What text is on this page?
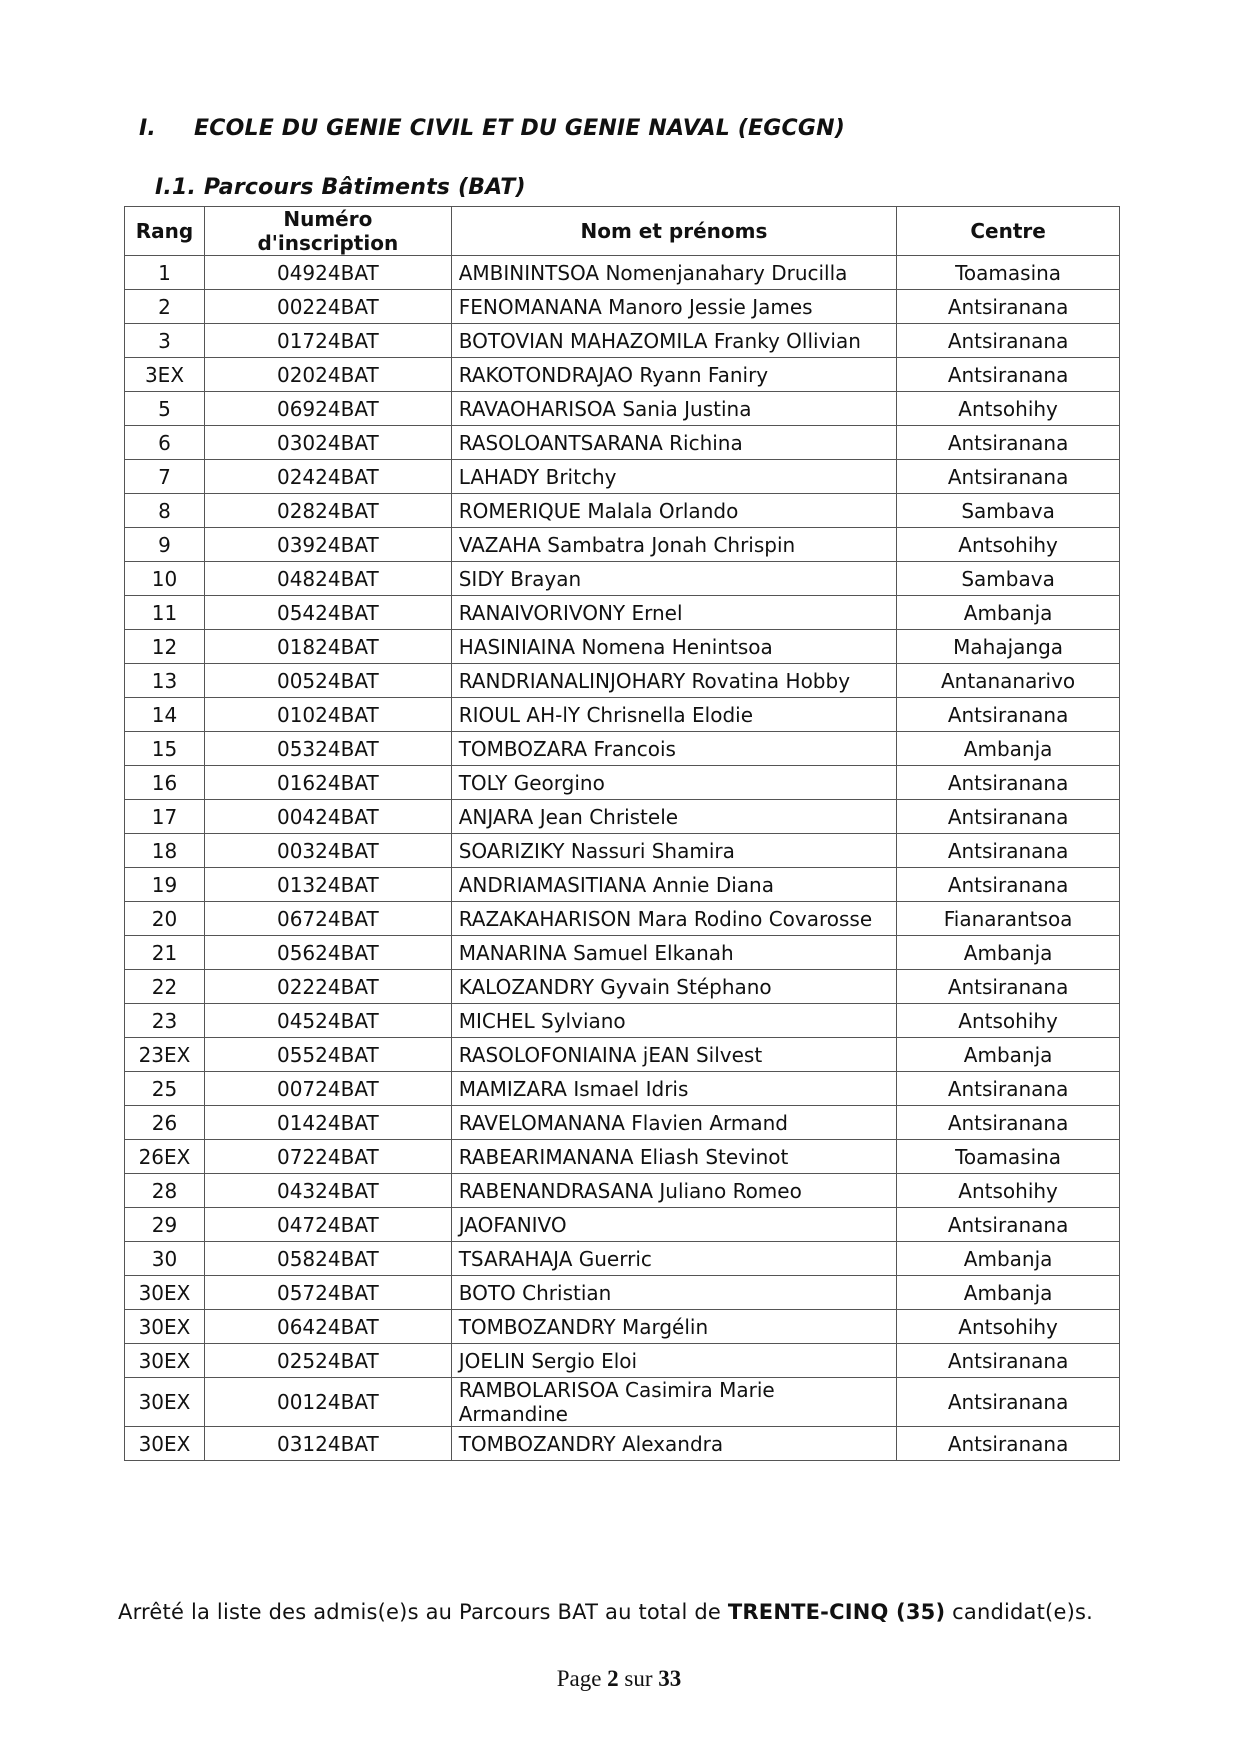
I. ECOLE DU GENIE CIVIL ET DU GENIE NAVAL (EGCGN)
I.1. Parcours Bâtiments (BAT)
Rang	Numéro d'inscription	Nom et prénoms	Centre
1	04924BAT	AMBININTSOA Nomenjanahary Drucilla	Toamasina
2	00224BAT	FENOMANANA Manoro Jessie James	Antsiranana
3	01724BAT	BOTOVIAN MAHAZOMILA Franky Ollivian	Antsiranana
3EX	02024BAT	RAKOTONDRAJAO Ryann Faniry	Antsiranana
5	06924BAT	RAVAOHARISOA Sania Justina	Antsohihy
6	03024BAT	RASOLOANTSARANA Richina	Antsiranana
7	02424BAT	LAHADY Britchy	Antsiranana
8	02824BAT	ROMERIQUE Malala Orlando	Sambava
9	03924BAT	VAZAHA Sambatra Jonah Chrispin	Antsohihy
10	04824BAT	SIDY Brayan	Sambava
11	05424BAT	RANAIVORIVONY Ernel	Ambanja
12	01824BAT	HASINIAINA Nomena Henintsoa	Mahajanga
13	00524BAT	RANDRIANALINJOHARY Rovatina Hobby	Antananarivo
14	01024BAT	RIOUL AH-lY Chrisnella Elodie	Antsiranana
15	05324BAT	TOMBOZARA Francois	Ambanja
16	01624BAT	TOLY Georgino	Antsiranana
17	00424BAT	ANJARA Jean Christele	Antsiranana
18	00324BAT	SOARIZIKY Nassuri Shamira	Antsiranana
19	01324BAT	ANDRIAMASITIANA Annie Diana	Antsiranana
20	06724BAT	RAZAKAHARISON Mara Rodino Covarosse	Fianarantsoa
21	05624BAT	MANARINA Samuel Elkanah	Ambanja
22	02224BAT	KALOZANDRY Gyvain Stéphano	Antsiranana
23	04524BAT	MICHEL Sylviano	Antsohihy
23EX	05524BAT	RASOLOFONIAINA jEAN Silvest	Ambanja
25	00724BAT	MAMIZARA Ismael Idris	Antsiranana
26	01424BAT	RAVELOMANANA Flavien Armand	Antsiranana
26EX	07224BAT	RABEARIMANANA Eliash Stevinot	Toamasina
28	04324BAT	RABENANDRASANA Juliano Romeo	Antsohihy
29	04724BAT	JAOFANIVO	Antsiranana
30	05824BAT	TSARAHAJA Guerric	Ambanja
30EX	05724BAT	BOTO Christian	Ambanja
30EX	06424BAT	TOMBOZANDRY Margélin	Antsohihy
30EX	02524BAT	JOELIN Sergio Eloi	Antsiranana
30EX	00124BAT	RAMBOLARISOA Casimira Marie Armandine	Antsiranana
30EX	03124BAT	TOMBOZANDRY Alexandra	Antsiranana
Arrêté la liste des admis(e)s au Parcours BAT au total de TRENTE-CINQ (35) candidat(e)s.
Page 2 sur 33
